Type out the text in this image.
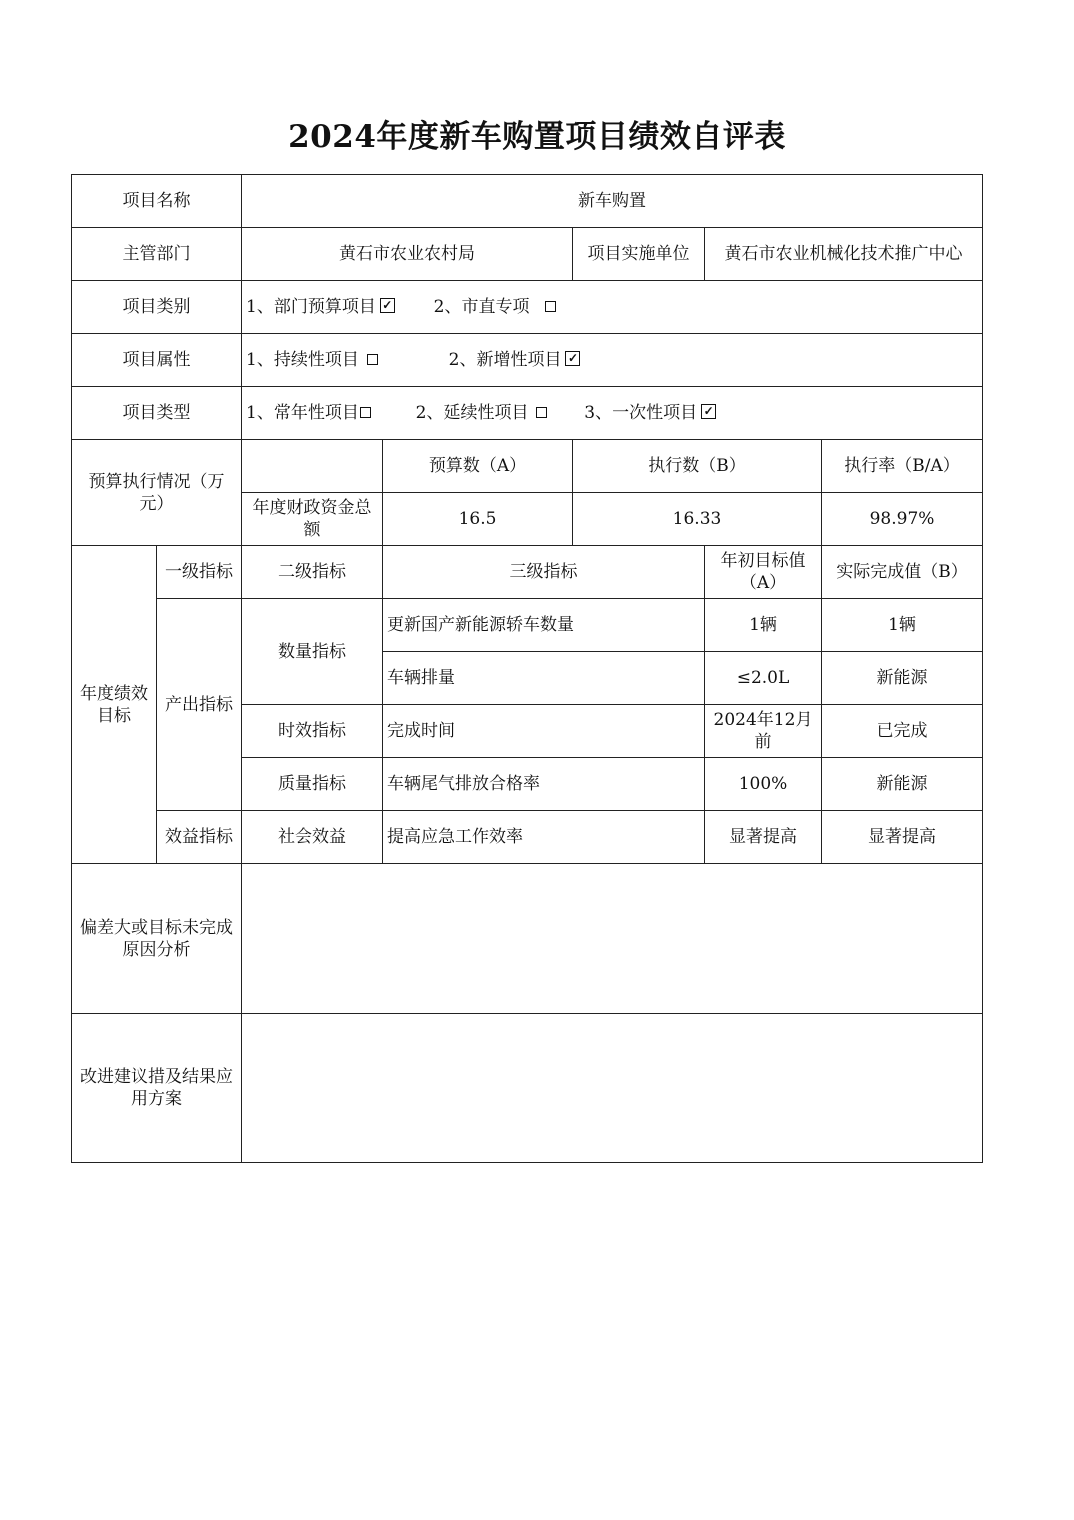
2024年度新车购置项目绩效自评表
项目名称		新车购置				
主管部门		黄石市农业农村局		项目实施单位	黄石市农业机械化技术推广中心	
项目类别		1、部门预算项目 ✓ 2、市直专项				
项目属性		1、持续性项目 2、新增性项目 ✓				
项目类型		1、常年性项目 2、延续性项目 3、一次性项目 ✓				
预算执行情况（万元）			预算数（A）	执行数（B）		执行率（B/A）
		年度财政资金总额	16.5	16.33		98.97%
年度绩效目标	一级指标	二级指标	三级指标		年初目标值（A）	实际完成值（B）
	产出指标	数量指标	更新国产新能源轿车数量		1辆	1辆
			车辆排量		≤2.0L	新能源
		时效指标	完成时间		2024年12月前	已完成
		质量指标	车辆尾气排放合格率		100%	新能源
	效益指标	社会效益	提高应急工作效率		显著提高	显著提高
偏差大或目标未完成原因分析						
改进建议措及结果应用方案						
